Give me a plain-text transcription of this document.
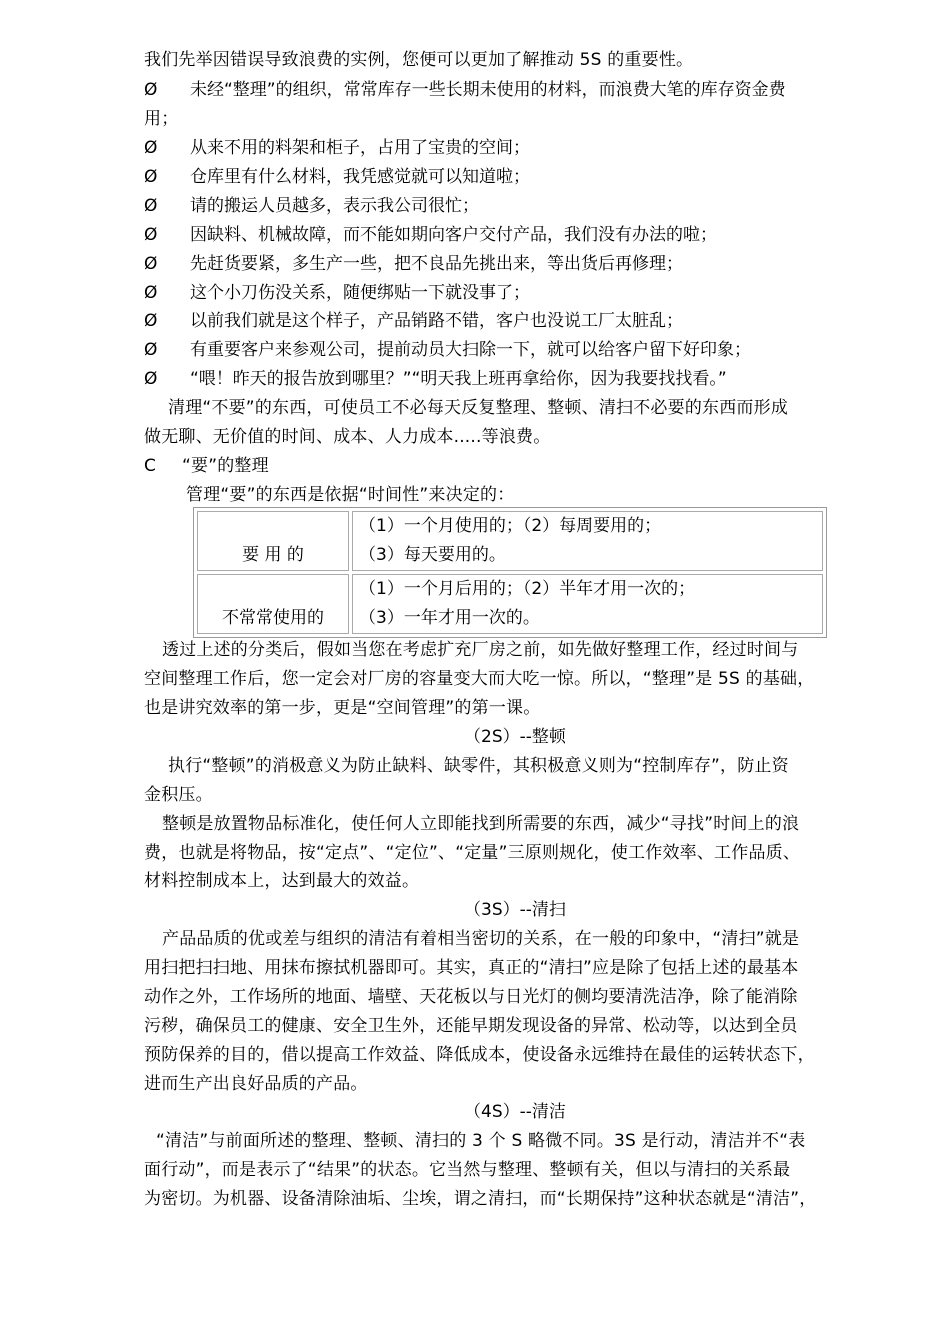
我们先举因错误导致浪费的实例，您便可以更加了解推动 5S 的重要性。
Ø 未经“整理”的组织，常常库存一些长期未使用的材料，而浪费大笔的库存资金费
用；
Ø 从来不用的料架和柜子，占用了宝贵的空间；
Ø 仓库里有什么材料，我凭感觉就可以知道啦；
Ø 请的搬运人员越多，表示我公司很忙；
Ø 因缺料、机械故障，而不能如期向客户交付产品，我们没有办法的啦；
Ø 先赶货要紧，多生产一些，把不良品先挑出来，等出货后再修理；
Ø 这个小刀伤没关系，随便绑贴一下就没事了；
Ø 以前我们就是这个样子，产品销路不错，客户也没说工厂太脏乱；
Ø 有重要客户来参观公司，提前动员大扫除一下，就可以给客户留下好印象；
Ø “喂！昨天的报告放到哪里？”“明天我上班再拿给你，因为我要找找看。”
清理“不要”的东西，可使员工不必每天反复整理、整顿、清扫不必要的东西而形成
做无聊、无价值的时间、成本、人力成本.....等浪费。
C “要”的整理
管理“要”的东西是依据“时间性”来决定的：
要 用 的	（1）一个月使用的；（2）每周要用的；
（3）每天要用的。

不常常使用的	（1）一个月后用的；（2）半年才用一次的；
（3）一年才用一次的。
透过上述的分类后，假如当您在考虑扩充厂房之前，如先做好整理工作，经过时间与
空间整理工作后，您一定会对厂房的容量变大而大吃一惊。所以，“整理”是 5S 的基础，
也是讲究效率的第一步，更是“空间管理”的第一课。
（2S）--整顿
执行“整顿”的消极意义为防止缺料、缺零件，其积极意义则为“控制库存”，防止资
金积压。
整顿是放置物品标准化，使任何人立即能找到所需要的东西，减少“寻找”时间上的浪
费，也就是将物品，按“定点”、“定位”、“定量”三原则规化，使工作效率、工作品质、
材料控制成本上，达到最大的效益。
（3S）--清扫
产品品质的优或差与组织的清洁有着相当密切的关系，在一般的印象中，“清扫”就是
用扫把扫扫地、用抹布擦拭机器即可。其实，真正的“清扫”应是除了包括上述的最基本
动作之外，工作场所的地面、墙壁、天花板以与日光灯的侧均要清洗洁净，除了能消除
污秽，确保员工的健康、安全卫生外，还能早期发现设备的异常、松动等，以达到全员
预防保养的目的，借以提高工作效益、降低成本，使设备永远维持在最佳的运转状态下，
进而生产出良好品质的产品。
（4S）--清洁
“清洁”与前面所述的整理、整顿、清扫的 3 个 S 略微不同。3S 是行动，清洁并不“表
面行动”，而是表示了“结果”的状态。它当然与整理、整顿有关，但以与清扫的关系最
为密切。为机器、设备清除油垢、尘埃，谓之清扫，而“长期保持”这种状态就是“清洁”，
